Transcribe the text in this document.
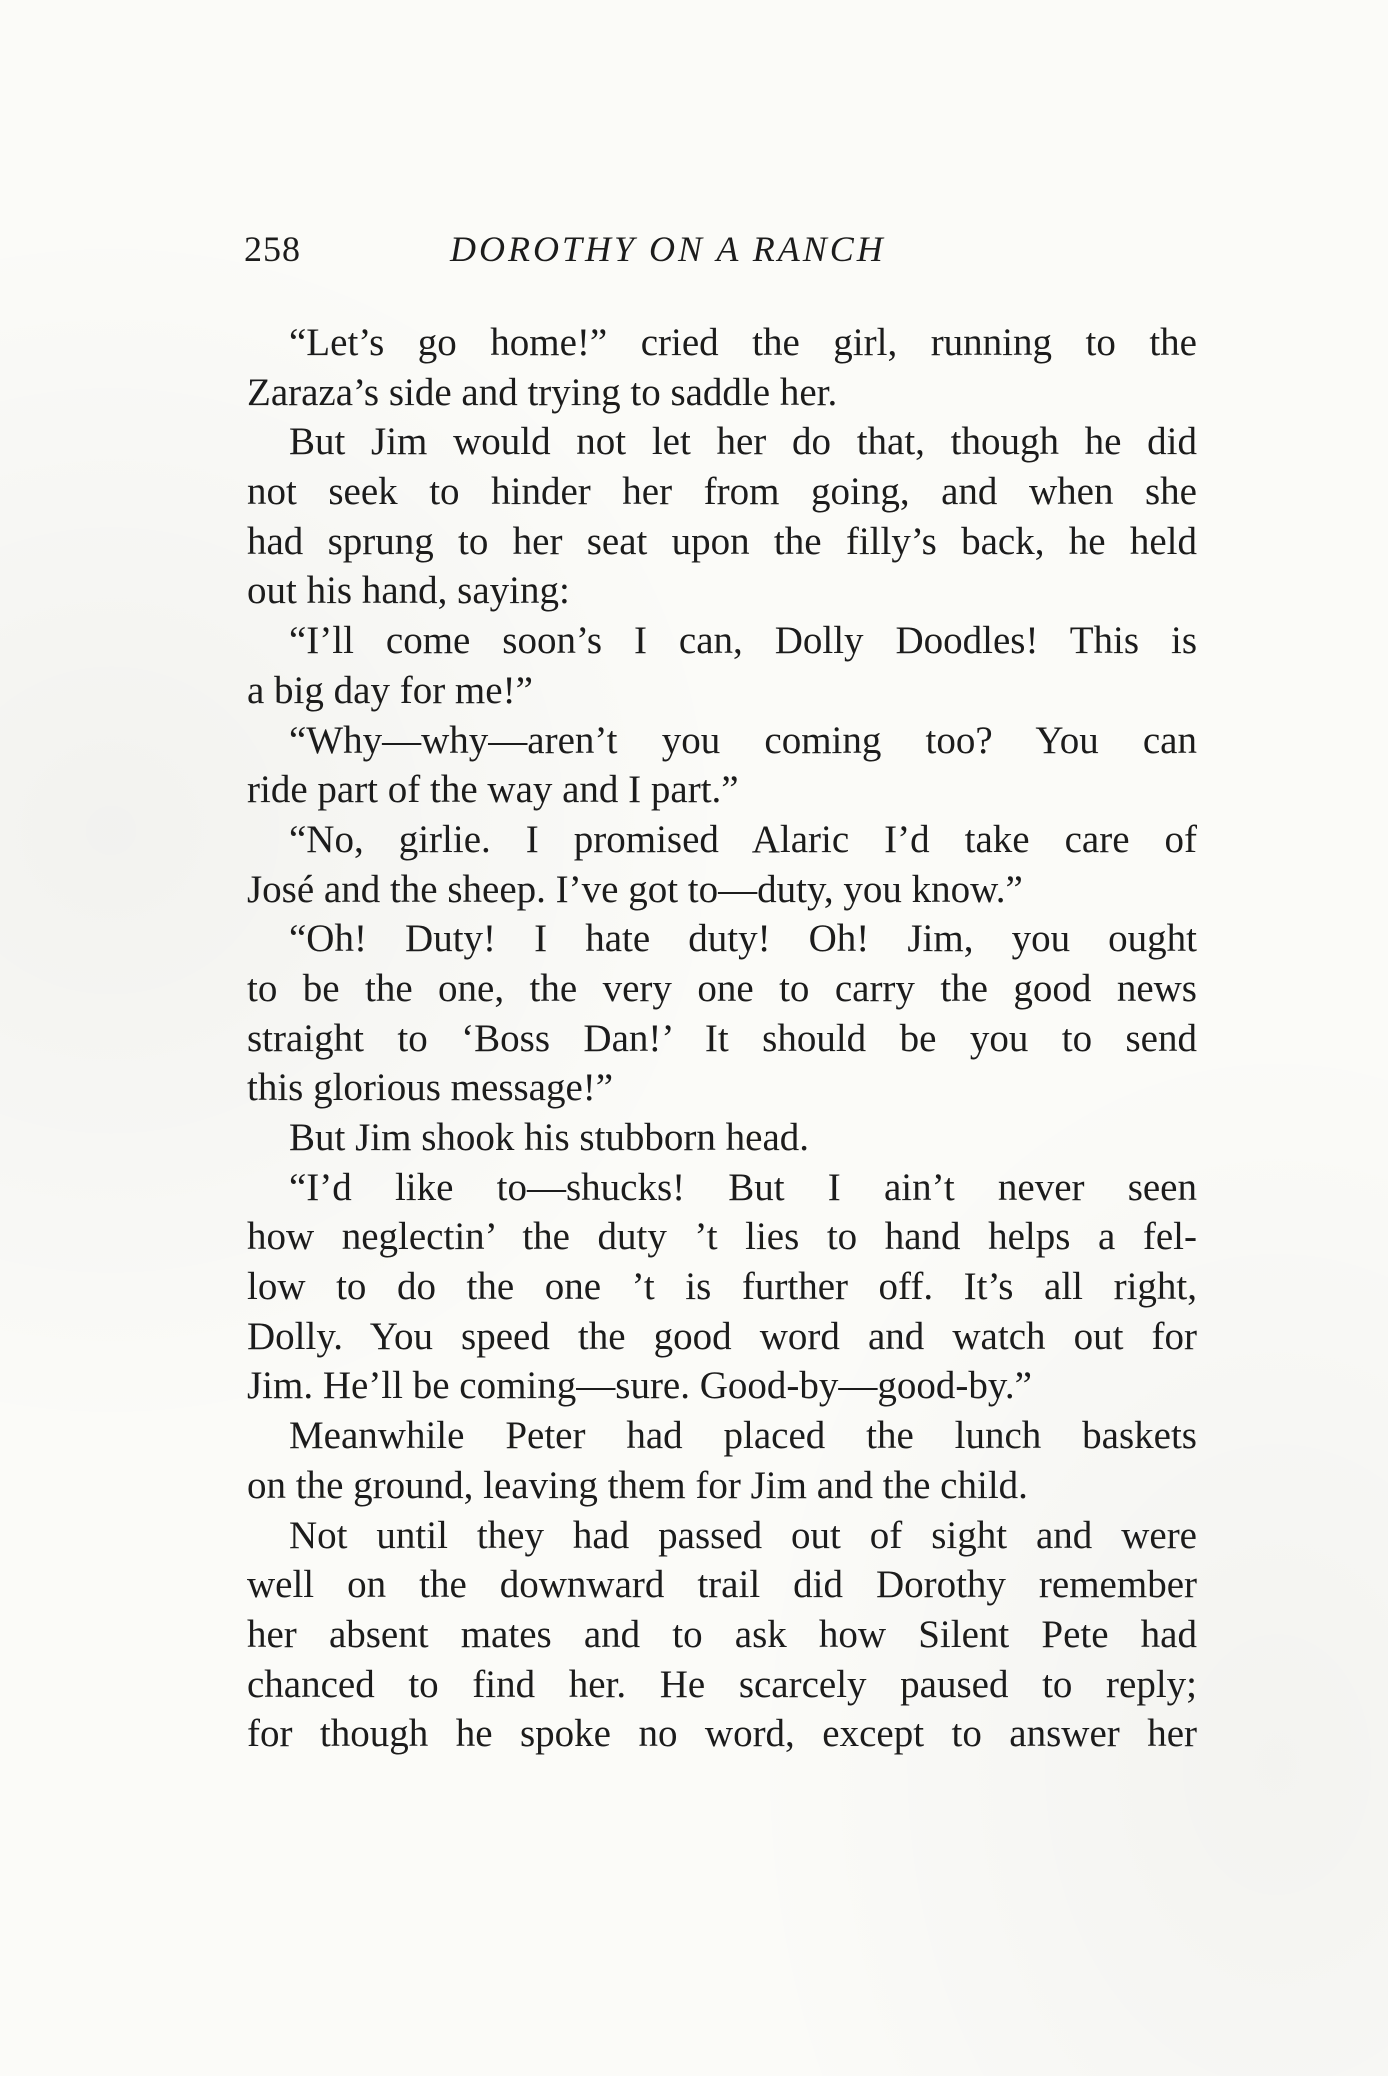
258	DOROTHY ON A RANCH
“Let’s go home!” cried the girl, running to the
Zaraza’s side and trying to saddle her.
But Jim would not let her do that, though he did
not seek to hinder her from going, and when she
had sprung to her seat upon the filly’s back, he held
out his hand, saying:
“I’ll come soon’s I can, Dolly Doodles! This is
a big day for me!”
“Why—why—aren’t you coming too? You can
ride part of the way and I part.”
“No, girlie. I promised Alaric I’d take care of
José and the sheep. I’ve got to—duty, you know.”
“Oh! Duty! I hate duty! Oh! Jim, you ought
to be the one, the very one to carry the good news
straight to ‘Boss Dan!’ It should be you to send
this glorious message!”
But Jim shook his stubborn head.
“I’d like to—shucks! But I ain’t never seen
how neglectin’ the duty ’t lies to hand helps a fel-
low to do the one ’t is further off. It’s all right,
Dolly. You speed the good word and watch out for
Jim. He’ll be coming—sure. Good-by—good-by.”
Meanwhile Peter had placed the lunch baskets
on the ground, leaving them for Jim and the child.
Not until they had passed out of sight and were
well on the downward trail did Dorothy remember
her absent mates and to ask how Silent Pete had
chanced to find her. He scarcely paused to reply;
for though he spoke no word, except to answer her
